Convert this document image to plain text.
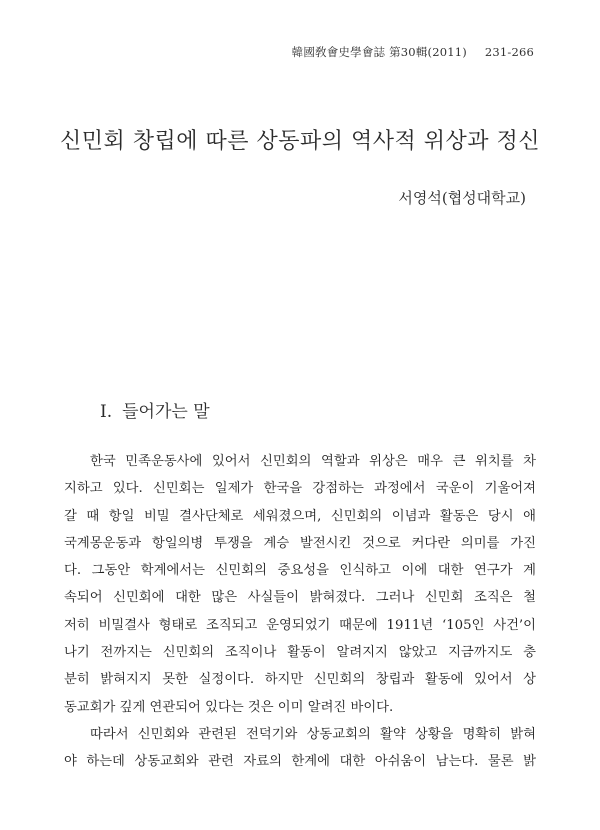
韓國敎會史學會誌 第30輯(2011) 231-266
신민회 창립에 따른 상동파의 역사적 위상과 정신
서영석(협성대학교)
Ⅰ. 들어가는 말
한국 민족운동사에 있어서 신민회의 역할과 위상은 매우 큰 위치를 차
지하고 있다. 신민회는 일제가 한국을 강점하는 과정에서 국운이 기울어져
갈 때 항일 비밀 결사단체로 세워졌으며, 신민회의 이념과 활동은 당시 애
국계몽운동과 항일의병 투쟁을 계승 발전시킨 것으로 커다란 의미를 가진
다. 그동안 학계에서는 신민회의 중요성을 인식하고 이에 대한 연구가 계
속되어 신민회에 대한 많은 사실들이 밝혀졌다. 그러나 신민회 조직은 철
저히 비밀결사 형태로 조직되고 운영되었기 때문에 1911년 ‘105인 사건’이
나기 전까지는 신민회의 조직이나 활동이 알려지지 않았고 지금까지도 충
분히 밝혀지지 못한 실정이다. 하지만 신민회의 창립과 활동에 있어서 상
동교회가 깊게 연관되어 있다는 것은 이미 알려진 바이다.
따라서 신민회와 관련된 전덕기와 상동교회의 활약 상황을 명확히 밝혀
야 하는데 상동교회와 관련 자료의 한계에 대한 아쉬움이 남는다. 물론 밝
